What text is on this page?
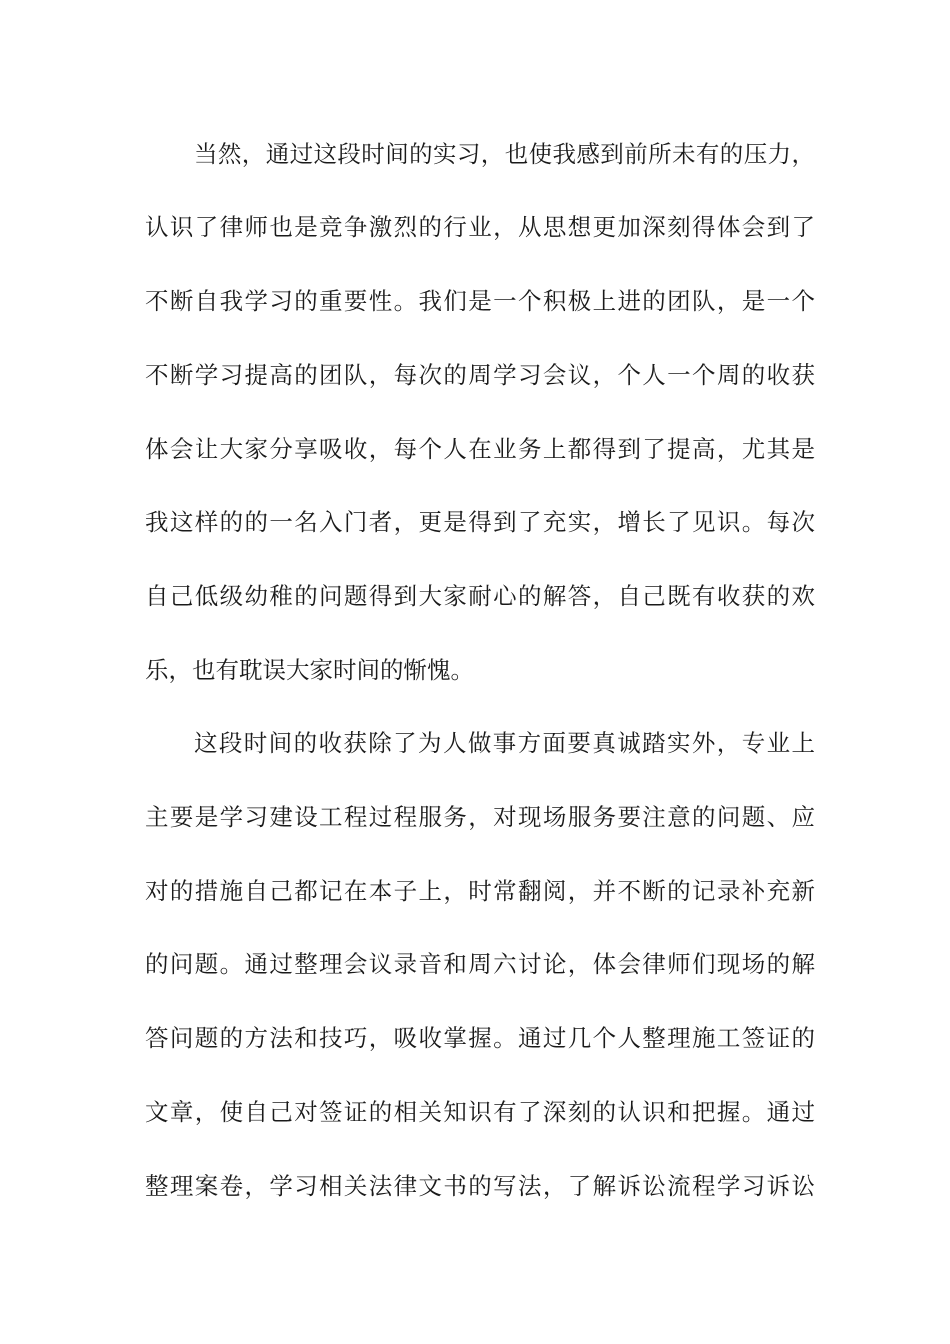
当然，通过这段时间的实习，也使我感到前所未有的压力，
认识了律师也是竞争激烈的行业，从思想更加深刻得体会到了
不断自我学习的重要性。我们是一个积极上进的团队，是一个
不断学习提高的团队，每次的周学习会议，个人一个周的收获
体会让大家分享吸收，每个人在业务上都得到了提高，尤其是
我这样的的一名入门者，更是得到了充实，增长了见识。每次
自己低级幼稚的问题得到大家耐心的解答，自己既有收获的欢
乐，也有耽误大家时间的惭愧。
这段时间的收获除了为人做事方面要真诚踏实外，专业上
主要是学习建设工程过程服务，对现场服务要注意的问题、应
对的措施自己都记在本子上，时常翻阅，并不断的记录补充新
的问题。通过整理会议录音和周六讨论，体会律师们现场的解
答问题的方法和技巧，吸收掌握。通过几个人整理施工签证的
文章，使自己对签证的相关知识有了深刻的认识和把握。通过
整理案卷，学习相关法律文书的写法，了解诉讼流程学习诉讼
